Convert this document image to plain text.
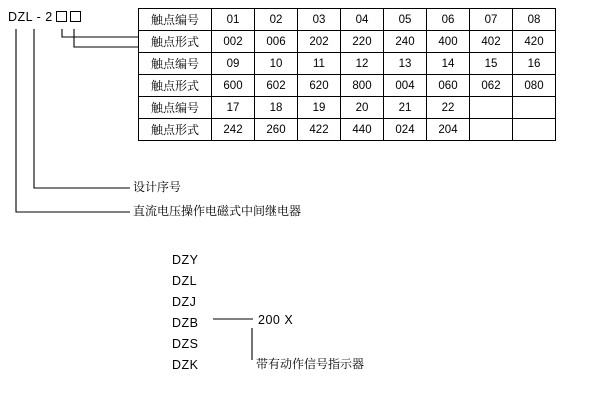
DZL - 2	触点编号	01	02	03	04	05	06	07	08
触点形式	002	006	202	220	240	400	402	420
触点编号	09	10	11	12	13	14	15	16
触点形式	600	602	620	800	004	060	062	080
触点编号	17	18	19	20	21	22		
触点形式	242	260	422	440	024	204		
设计序号
直流电压操作电磁式中间继电器
DZY
DZL
DZJ
DZB
DZS
DZK
200 X
带有动作信号指示器
